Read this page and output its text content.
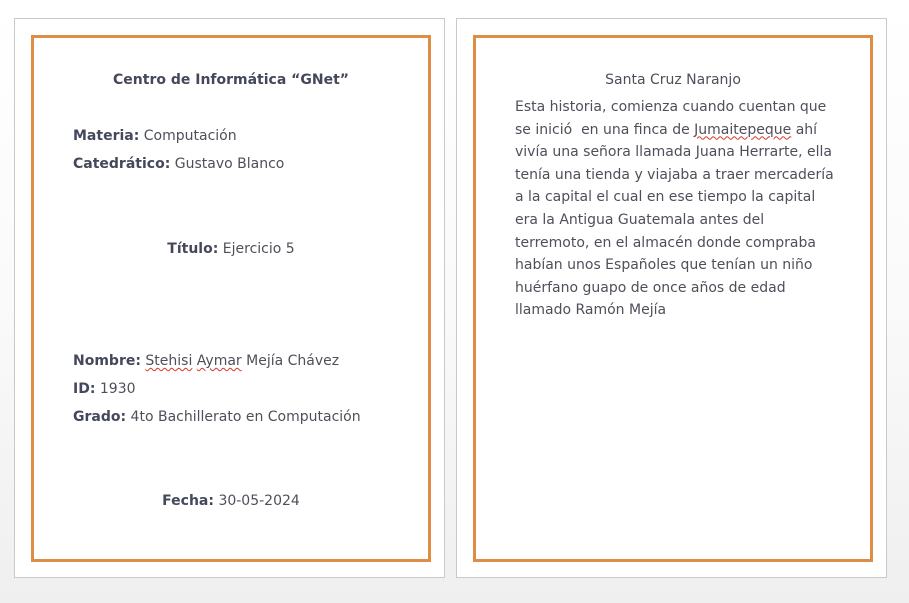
Centro de Informática “GNet”
Materia: Computación
Catedrático: Gustavo Blanco
Título: Ejercicio 5
Nombre: Stehisi Aymar Mejía Chávez
ID: 1930
Grado: 4to Bachillerato en Computación
Fecha: 30-05-2024
Santa Cruz Naranjo

Esta historia, comienza cuando cuentan que
se inició  en una finca de Jumaitepeque ahí
vivía una señora llamada Juana Herrarte, ella
tenía una tienda y viajaba a traer mercadería
a la capital el cual en ese tiempo la capital
era la Antigua Guatemala antes del
terremoto, en el almacén donde compraba
habían unos Españoles que tenían un niño
huérfano guapo de once años de edad
llamado Ramón Mejía
